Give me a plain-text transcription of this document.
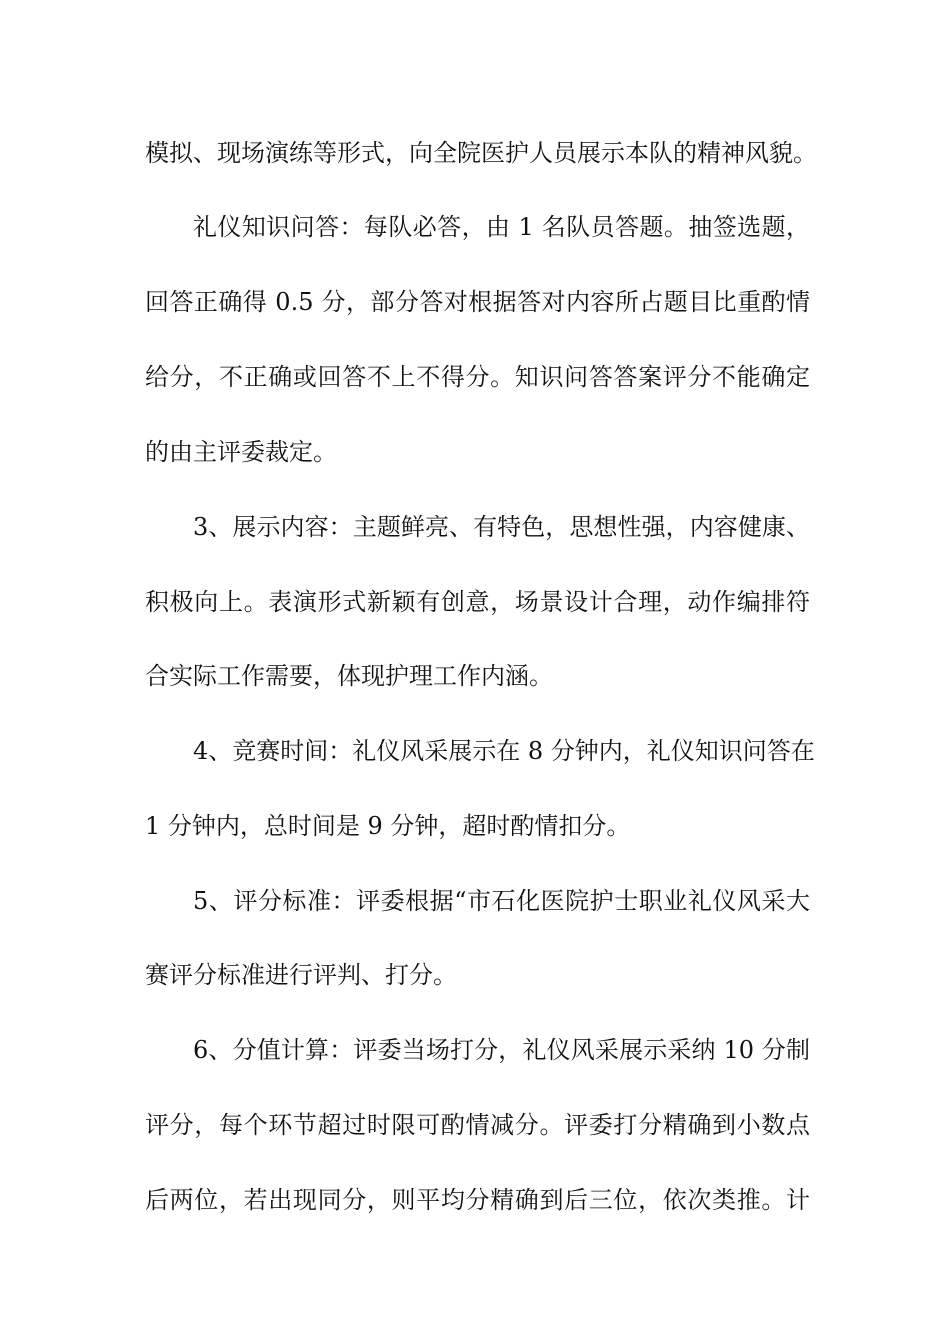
模拟、现场演练等形式，向全院医护人员展示本队的精神风貌。
礼仪知识问答：每队必答，由 1 名队员答题。抽签选题，
回答正确得 0.5 分，部分答对根据答对内容所占题目比重酌情
给分，不正确或回答不上不得分。知识问答答案评分不能确定
的由主评委裁定。
3、展示内容：主题鲜亮、有特色，思想性强，内容健康、
积极向上。表演形式新颖有创意，场景设计合理，动作编排符
合实际工作需要，体现护理工作内涵。
4、竞赛时间：礼仪风采展示在 8 分钟内，礼仪知识问答在
1 分钟内，总时间是 9 分钟，超时酌情扣分。
5、评分标准：评委根据“市石化医院护士职业礼仪风采大
赛评分标准进行评判、打分。
6、分值计算：评委当场打分，礼仪风采展示采纳 10 分制
评分，每个环节超过时限可酌情减分。评委打分精确到小数点
后两位，若出现同分，则平均分精确到后三位，依次类推。计
